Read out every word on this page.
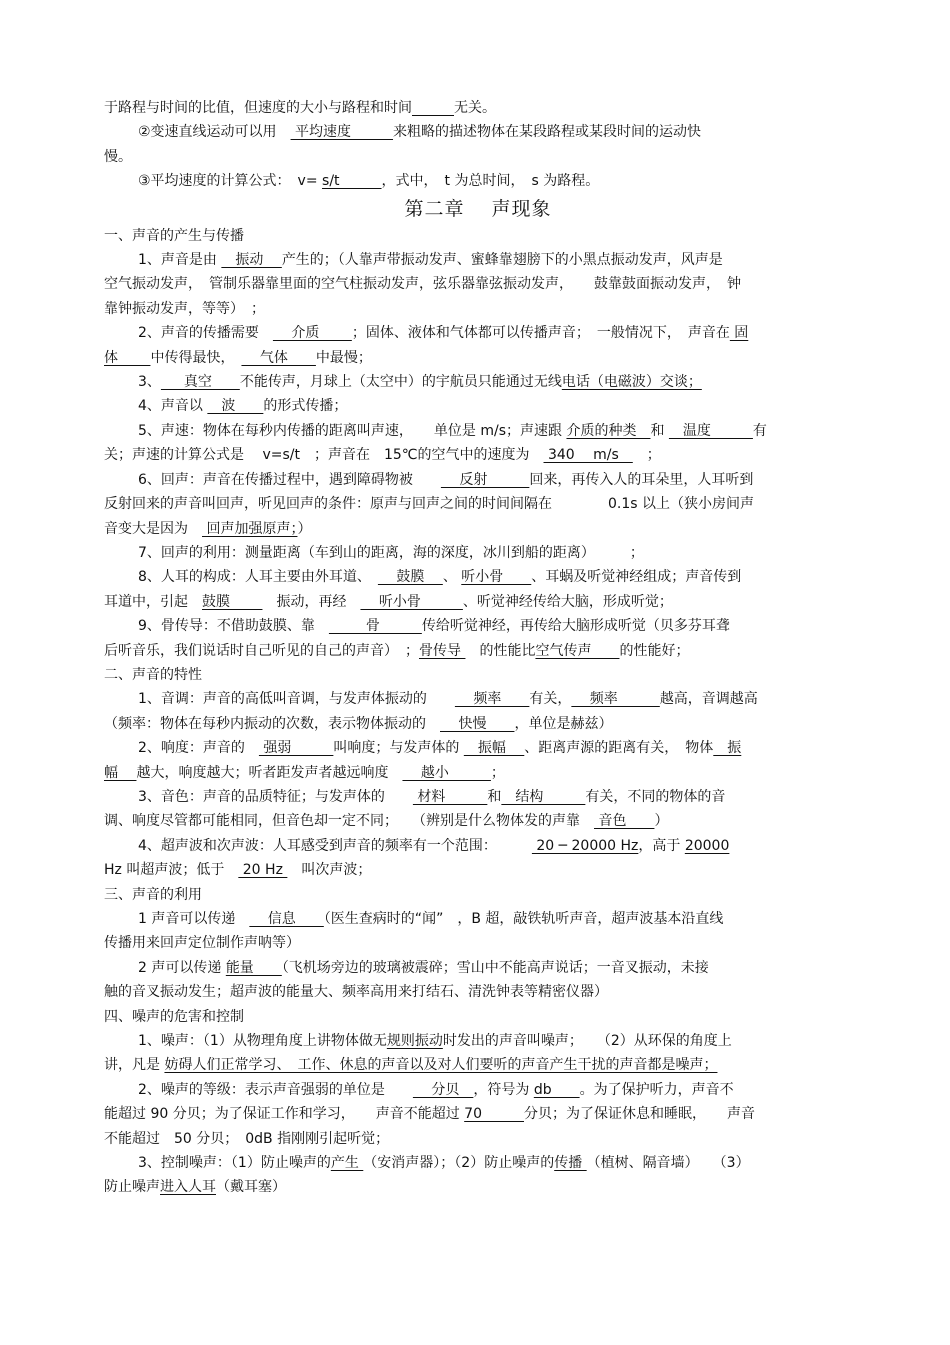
于路程与时间的比值，但速度的大小与路程和时间　　　	无关。
②变速直线运动可以用　 平均速度　　　来粗略的描述物体在某段路程或某段时间的运动快
慢。
③平均速度的计算公式：　v= s/t　　　，式中，　t 为总时间，　s 为路程。
第二章　 声现象
一、声音的产生与传播
1、声音是由 　振动　 产生的；（人靠声带振动发声、蜜蜂靠翅膀下的小黑点振动发声，风声是
空气振动发声，　管制乐器靠里面的空气柱振动发声，弦乐器靠弦振动发声，　　鼓靠鼓面振动发声，　钟
靠钟振动发声，等等）　；
2、声音的传播需要　 　介质　　 ；固体、液体和气体都可以传播声音；　一般情况下，　声音在 固
体　　 中传得最快，　 　气体　　中最慢；
3、 　 真空　　不能传声，月球上（太空中）的宇航员只能通过无线电话（电磁波）交谈；
4、声音以 　波　　的形式传播；
5、声速：物体在每秒内传播的距离叫声速，　　单位是 m/s；声速跟 介质的种类　和 　温度　　　有
关；声速的计算公式是　 v=s/t　；声音在　15℃的空气中的速度为　 340　 m/s　　；
6、回声：声音在传播过程中，遇到障碍物被　　 　反射　　　回来，再传入人的耳朵里，人耳听到
反射回来的声音叫回声，听见回声的条件：原声与回声之间的时间间隔在　　　　0.1s 以上（狭小房间声
音变大是因为　 回声加强原声；）
7、回声的利用：测量距离（车到山的距离，海的深度，冰川到船的距离）　　　；
8、人耳的构成：人耳主要由外耳道、　 　鼓膜　 、 听小骨　　、耳蜗及听觉神经组成；声音传到
耳道中，引起　鼓膜　　 　振动，再经　 　听小骨　　　、听觉神经传给大脑，形成听觉；
9、骨传导：不借助鼓膜、靠　 　　 骨　　　传给听觉神经，再传给大脑形成听觉（贝多芬耳聋
后听音乐，我们说话时自己听见的自己的声音）　；骨传导 　的性能比空气传声　　的性能好；
二、声音的特性
1、音调：声音的高低叫音调，与发声体振动的　　 　频率　　有关， 　频率　　　越高，音调越高
（频率：物体在每秒内振动的次数，表示物体振动的　 　快慢　　，单位是赫兹）
2、响度：声音的　 强弱　　　叫响度；与发声体的 　振幅　 、距离声源的距离有关，　物体　振
幅　 越大，响度越大；听者距发声者越远响度　 　越小　　　；
3、音色：声音的品质特征；与发声体的　　 材料　　　和　结构　　　有关，不同的物体的音
调、响度尽管都可能相同，但音色却一定不同；　　（辨别是什么物体发的声靠　 音色　　）
4、超声波和次声波：人耳感受到声音的频率有一个范围：　　　 20 ─ 20000 Hz，高于 20000
Hz 叫超声波；低于　 20 Hz 　叫次声波；
三、声音的利用
1 声音可以传递　　 信息　　（医生查病时的“闻”　，B 超，敲铁轨听声音，超声波基本沿直线
传播用来回声定位制作声呐等）
2 声可以传递 能量　　（飞机场旁边的玻璃被震碎；雪山中不能高声说话；一音叉振动，未接
触的音叉振动发生；超声波的能量大、频率高用来打结石、清洗钟表等精密仪器）
四、噪声的危害和控制
1、噪声：（1）从物理角度上讲物体做无规则振动时发出的声音叫噪声；　　（2）从环保的角度上
讲，凡是 妨碍人们正常学习、　工作、休息的声音以及对人们要听的声音产生干扰的声音都是噪声；
2、噪声的等级：表示声音强弱的单位是　　 　分贝　，符号为 db　　。为了保护听力，声音不
能超过 90 分贝；为了保证工作和学习，　　声音不能超过 70　　　分贝；为了保证休息和睡眠，　　声音
不能超过　50 分贝；　0dB 指刚刚引起听觉；
3、控制噪声：（1）防止噪声的产生 （安消声器）；（2）防止噪声的传播 （植树、隔音墙）　　（3）
防止噪声进入人耳（戴耳塞）
